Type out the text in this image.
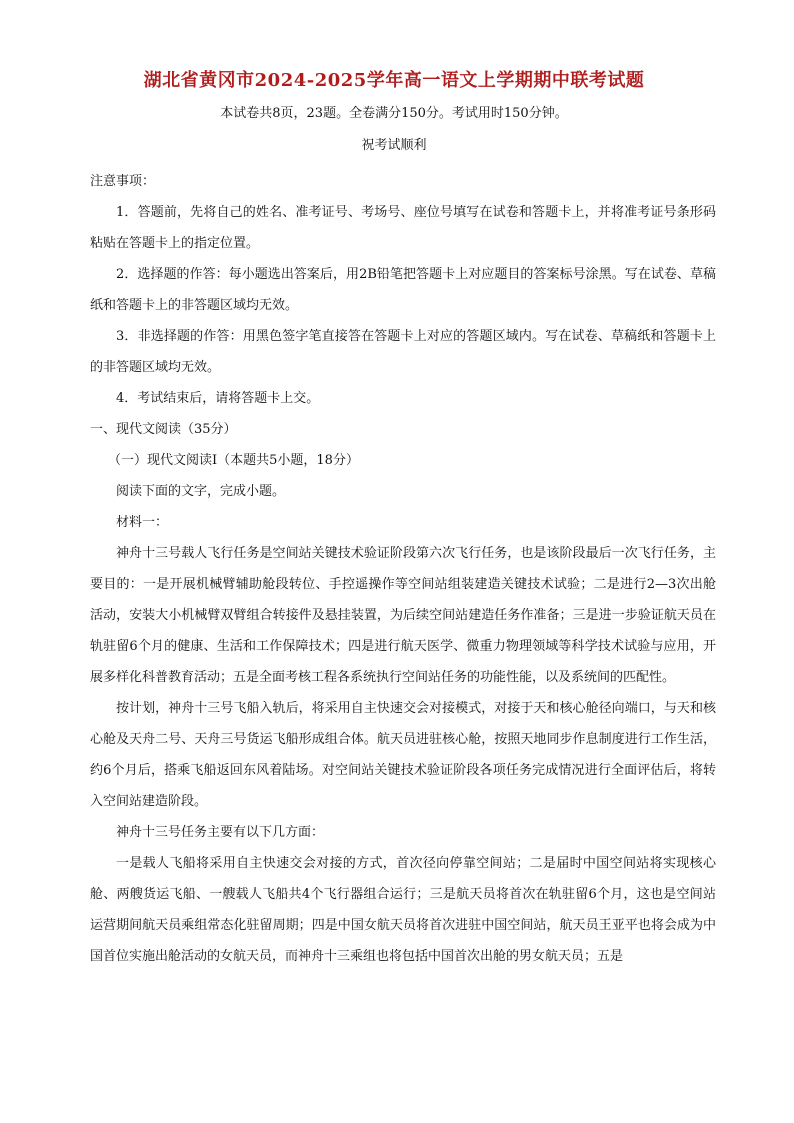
湖北省黄冈市2024-2025学年高一语文上学期期中联考试题
本试卷共8页，23题。全卷满分150分。考试用时150分钟。
祝考试顺利

注意事项：

1．答题前，先将自己的姓名、准考证号、考场号、座位号填写在试卷和答题卡上，并将准考证号条形码粘贴在答题卡上的指定位置。

2．选择题的作答：每小题选出答案后，用2B铅笔把答题卡上对应题目的答案标号涂黑。写在试卷、草稿纸和答题卡上的非答题区域均无效。

3．非选择题的作答：用黑色签字笔直接答在答题卡上对应的答题区域内。写在试卷、草稿纸和答题卡上的非答题区域均无效。

4．考试结束后，请将答题卡上交。

一、现代文阅读（35分）

（一）现代文阅读Ⅰ（本题共5小题，18分）

阅读下面的文字，完成小题。

材料一：

神舟十三号载人飞行任务是空间站关键技术验证阶段第六次飞行任务，也是该阶段最后一次飞行任务，主要目的：一是开展机械臂辅助舱段转位、手控遥操作等空间站组装建造关键技术试验；二是进行2—3次出舱活动，安装大小机械臂双臂组合转接件及悬挂装置，为后续空间站建造任务作准备；三是进一步验证航天员在轨驻留6个月的健康、生活和工作保障技术；四是进行航天医学、微重力物理领域等科学技术试验与应用，开展多样化科普教育活动；五是全面考核工程各系统执行空间站任务的功能性能，以及系统间的匹配性。

按计划，神舟十三号飞船入轨后，将采用自主快速交会对接模式，对接于天和核心舱径向端口，与天和核心舱及天舟二号、天舟三号货运飞船形成组合体。航天员进驻核心舱，按照天地同步作息制度进行工作生活，约6个月后，搭乘飞船返回东风着陆场。对空间站关键技术验证阶段各项任务完成情况进行全面评估后，将转入空间站建造阶段。

神舟十三号任务主要有以下几方面：

一是载人飞船将采用自主快速交会对接的方式，首次径向停靠空间站；二是届时中国空间站将实现核心舱、两艘货运飞船、一艘载人飞船共4个飞行器组合运行；三是航天员将首次在轨驻留6个月，这也是空间站运营期间航天员乘组常态化驻留周期；四是中国女航天员将首次进驻中国空间站，航天员王亚平也将会成为中国首位实施出舱活动的女航天员，而神舟十三乘组也将包括中国首次出舱的男女航天员；五是
